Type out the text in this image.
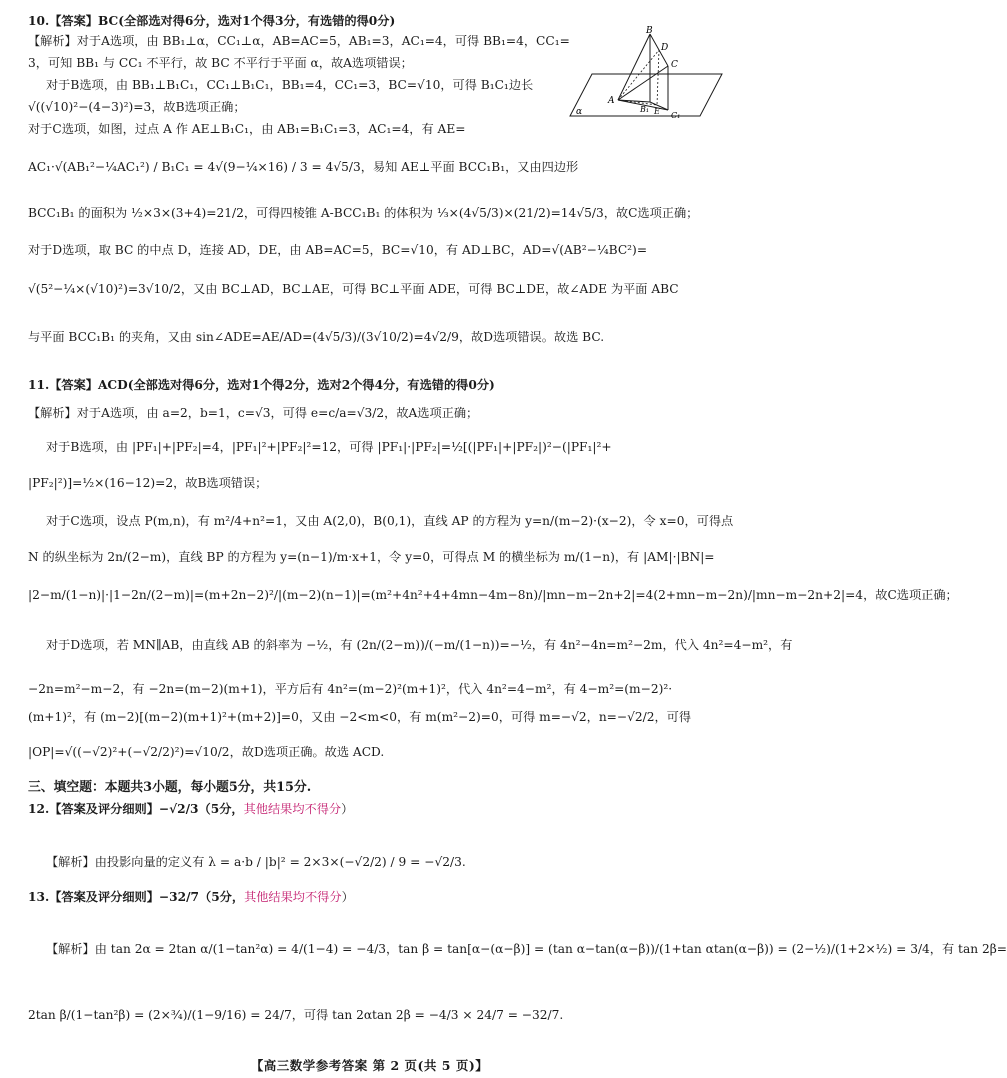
B
D
C
A
E
B₁
C₁
α
10.【答案】BC(全部选对得6分，选对1个得3分，有选错的得0分)
【解析】对于A选项，由 BB₁⊥α，CC₁⊥α，AB=AC=5，AB₁=3，AC₁=4，可得 BB₁=4，CC₁=
3，可知 BB₁ 与 CC₁ 不平行，故 BC 不平行于平面 α，故A选项错误；
对于B选项，由 BB₁⊥B₁C₁，CC₁⊥B₁C₁，BB₁=4，CC₁=3，BC=√10，可得 B₁C₁边长
√((√10)²−(4−3)²)=3，故B选项正确；
对于C选项，如图，过点 A 作 AE⊥B₁C₁，由 AB₁=B₁C₁=3，AC₁=4，有 AE=
AC₁·√(AB₁²−¼AC₁²) / B₁C₁ = 4√(9−¼×16) / 3 = 4√5/3，易知 AE⊥平面 BCC₁B₁，又由四边形
BCC₁B₁ 的面积为 ½×3×(3+4)=21/2，可得四棱锥 A-BCC₁B₁ 的体积为 ⅓×(4√5/3)×(21/2)=14√5/3，故C选项正确；
对于D选项，取 BC 的中点 D，连接 AD，DE，由 AB=AC=5，BC=√10，有 AD⊥BC，AD=√(AB²−¼BC²)=
√(5²−¼×(√10)²)=3√10/2，又由 BC⊥AD，BC⊥AE，可得 BC⊥平面 ADE，可得 BC⊥DE，故∠ADE 为平面 ABC
与平面 BCC₁B₁ 的夹角，又由 sin∠ADE=AE/AD=(4√5/3)/(3√10/2)=4√2/9，故D选项错误。故选 BC.
11.【答案】ACD(全部选对得6分，选对1个得2分，选对2个得4分，有选错的得0分)
【解析】对于A选项，由 a=2，b=1，c=√3，可得 e=c/a=√3/2，故A选项正确；
对于B选项，由 |PF₁|+|PF₂|=4，|PF₁|²+|PF₂|²=12，可得 |PF₁|·|PF₂|=½[(|PF₁|+|PF₂|)²−(|PF₁|²+
|PF₂|²)]=½×(16−12)=2，故B选项错误；
对于C选项，设点 P(m,n)，有 m²/4+n²=1，又由 A(2,0)，B(0,1)，直线 AP 的方程为 y=n/(m−2)·(x−2)，令 x=0，可得点
N 的纵坐标为 2n/(2−m)，直线 BP 的方程为 y=(n−1)/m·x+1，令 y=0，可得点 M 的横坐标为 m/(1−n)，有 |AM|·|BN|=
|2−m/(1−n)|·|1−2n/(2−m)|=(m+2n−2)²/|(m−2)(n−1)|=(m²+4n²+4+4mn−4m−8n)/|mn−m−2n+2|=4(2+mn−m−2n)/|mn−m−2n+2|=4，故C选项正确；
对于D选项，若 MN∥AB，由直线 AB 的斜率为 −½，有 (2n/(2−m))/(−m/(1−n))=−½，有 4n²−4n=m²−2m，代入 4n²=4−m²，有
−2n=m²−m−2，有 −2n=(m−2)(m+1)，平方后有 4n²=(m−2)²(m+1)²，代入 4n²=4−m²，有 4−m²=(m−2)²·
(m+1)²，有 (m−2)[(m−2)(m+1)²+(m+2)]=0，又由 −2<m<0，有 m(m²−2)=0，可得 m=−√2，n=−√2/2，可得
|OP|=√((−√2)²+(−√2/2)²)=√10/2，故D选项正确。故选 ACD.
三、填空题：本题共3小题，每小题5分，共15分.
12.【答案及评分细则】−√2/3（5分，其他结果均不得分）
【解析】由投影向量的定义有 λ = a·b / |b|² = 2×3×(−√2/2) / 9 = −√2/3.
13.【答案及评分细则】−32/7（5分，其他结果均不得分）
【解析】由 tan 2α = 2tan α/(1−tan²α) = 4/(1−4) = −4/3，tan β = tan[α−(α−β)] = (tan α−tan(α−β))/(1+tan αtan(α−β)) = (2−½)/(1+2×½) = 3/4，有 tan 2β=
2tan β/(1−tan²β) = (2×¾)/(1−9/16) = 24/7，可得 tan 2αtan 2β = −4/3 × 24/7 = −32/7.
【高三数学参考答案 第 2 页(共 5 页)】
